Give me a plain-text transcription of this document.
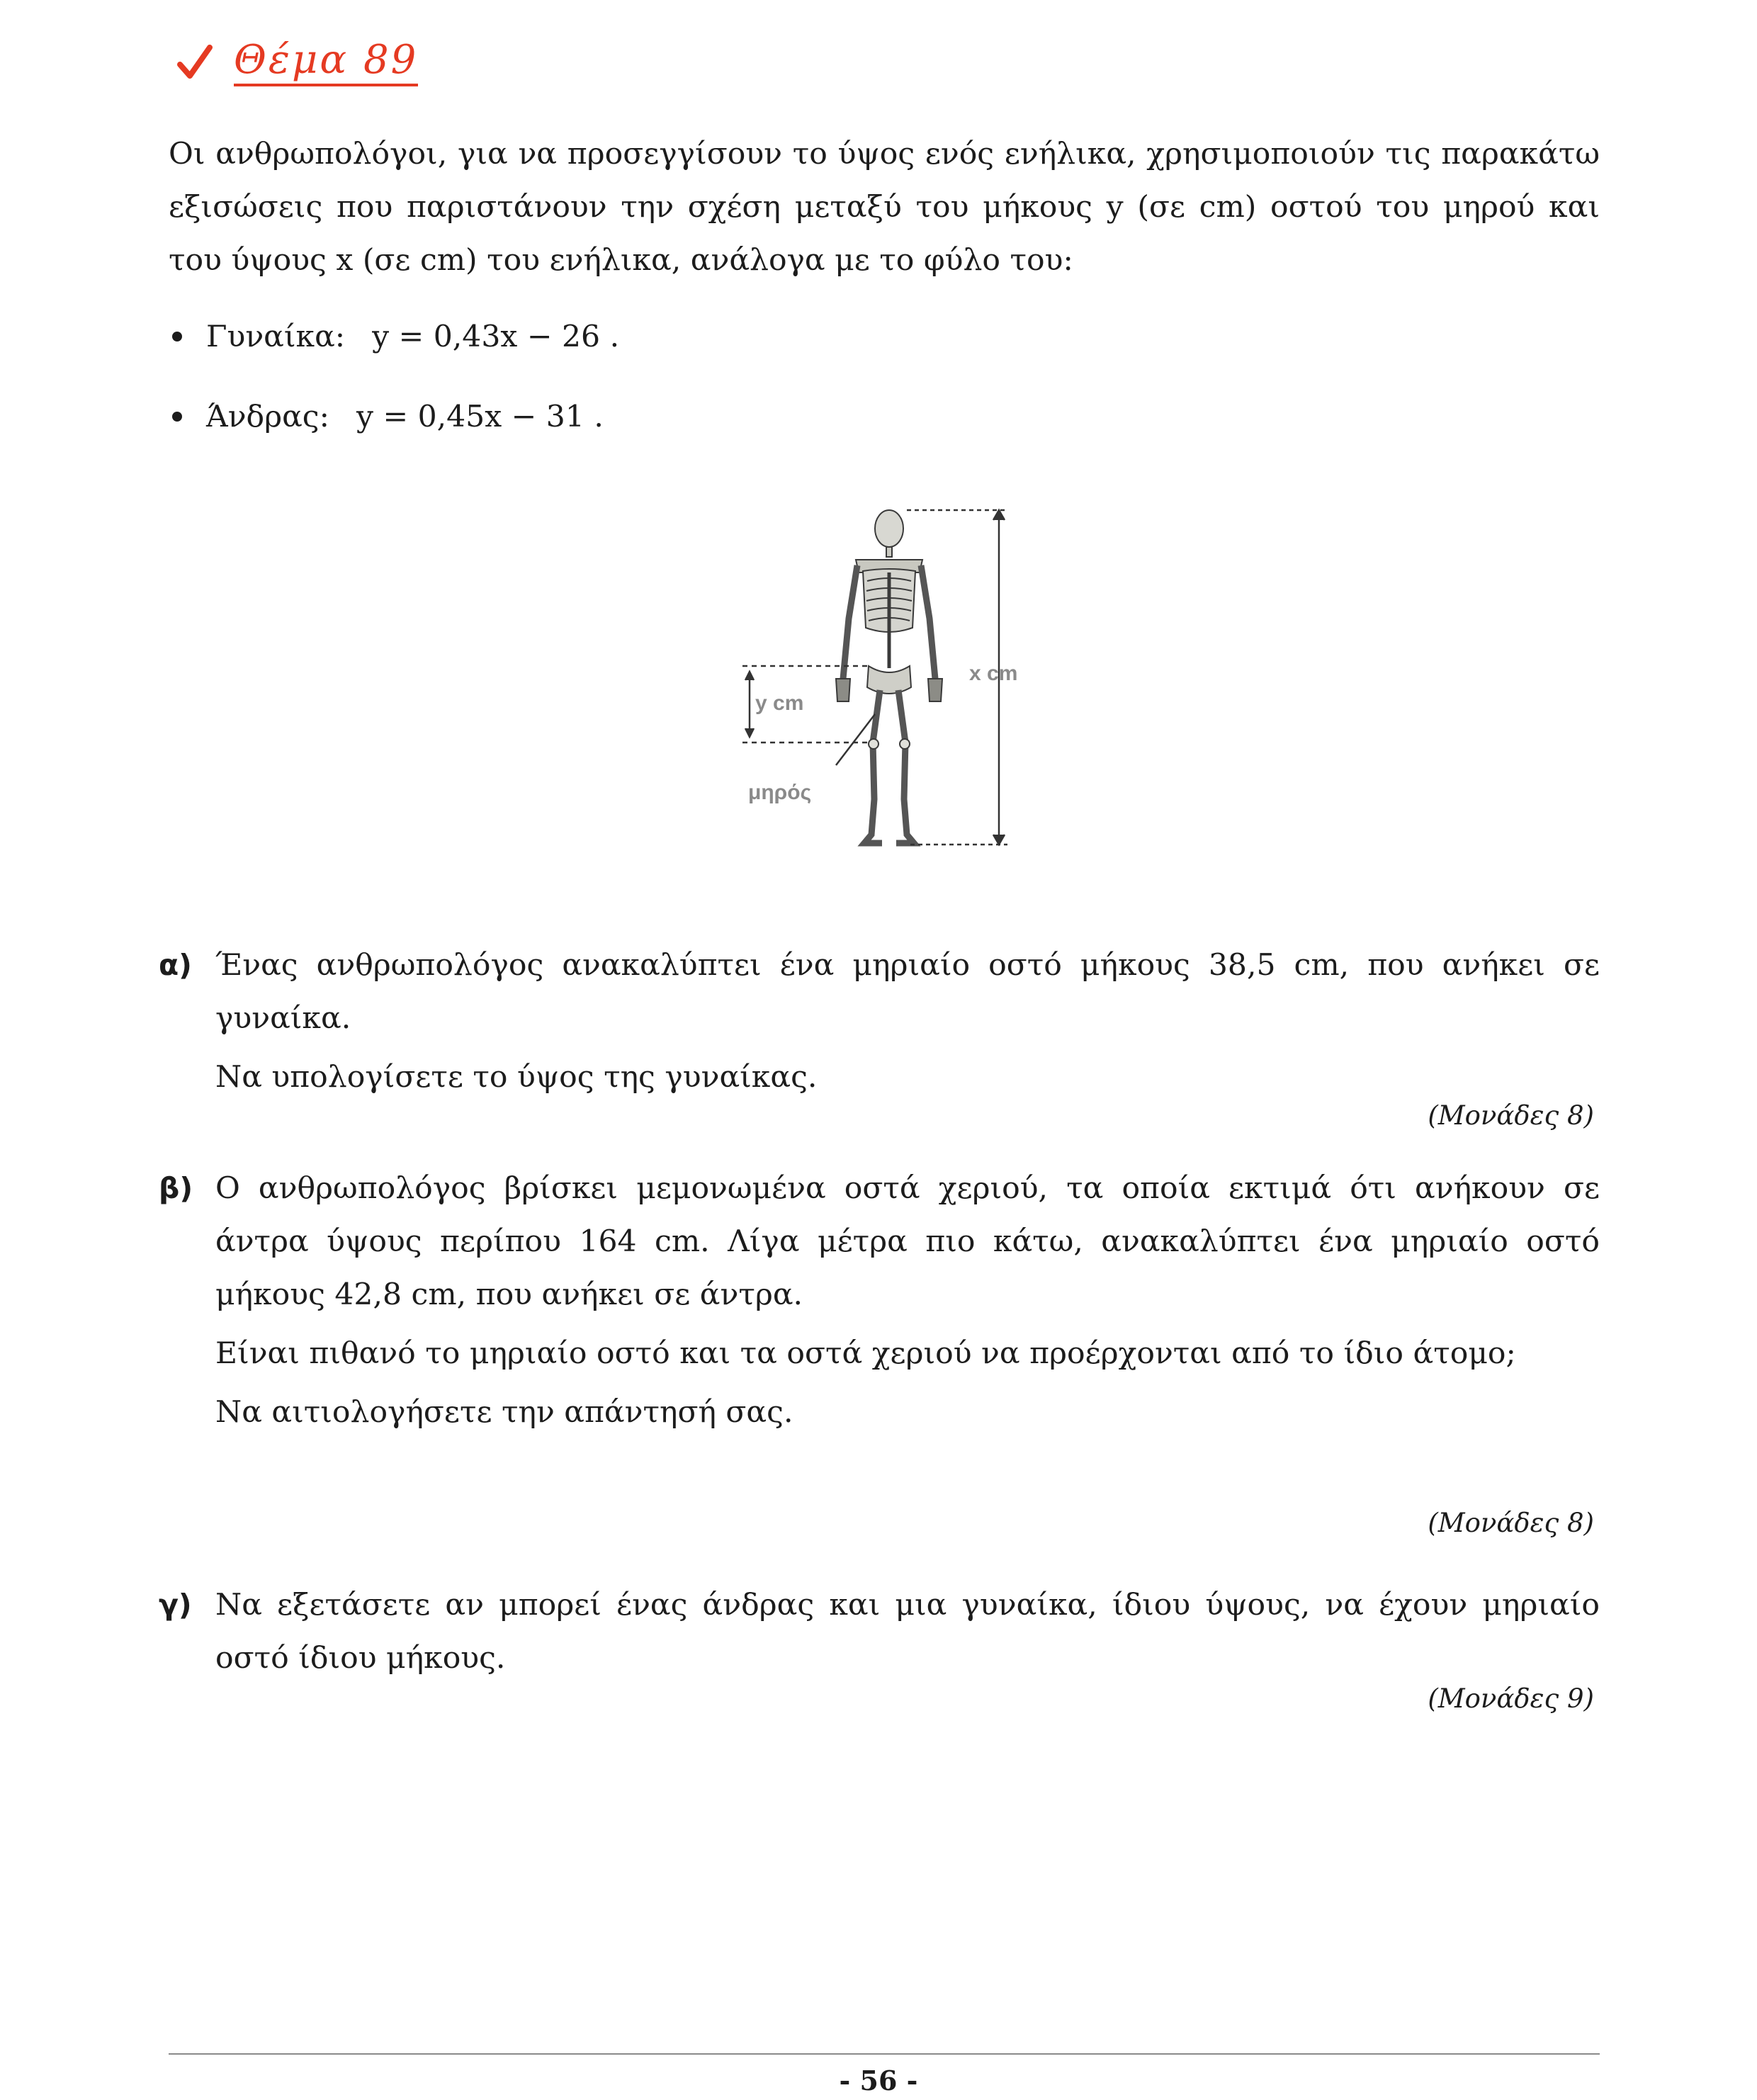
Θέμα 89

Οι ανθρωπολόγοι, για να προσεγγίσουν το ύψος ενός ενήλικα, χρησιμοποιούν τις παρακάτω εξισώσεις που παριστάνουν την σχέση μεταξύ του μήκους y (σε cm) οστού του μηρού και του ύψους x (σε cm) του ενήλικα, ανάλογα με το φύλο του:

Γυναίκα: y = 0,43x − 26 .
Άνδρας: y = 0,45x − 31 .
x cm
y cm
μηρός
α) Ένας ανθρωπολόγος ανακαλύπτει ένα μηριαίο οστό μήκους 38,5 cm, που ανήκει σε γυναίκα.

Να υπολογίσετε το ύψος της γυναίκας.

(Μονάδες 8)
β) Ο ανθρωπολόγος βρίσκει μεμονωμένα οστά χεριού, τα οποία εκτιμά ότι ανήκουν σε άντρα ύψους περίπου 164 cm. Λίγα μέτρα πιο κάτω, ανακαλύπτει ένα μηριαίο οστό μήκους 42,8 cm, που ανήκει σε άντρα.

Είναι πιθανό το μηριαίο οστό και τα οστά χεριού να προέρχονται από το ίδιο άτομο;

Να αιτιολογήσετε την απάντησή σας.

(Μονάδες 8)
γ) Να εξετάσετε αν μπορεί ένας άνδρας και μια γυναίκα, ίδιου ύψους, να έχουν μηριαίο οστό ίδιου μήκους.

(Μονάδες 9)
- 56 -
